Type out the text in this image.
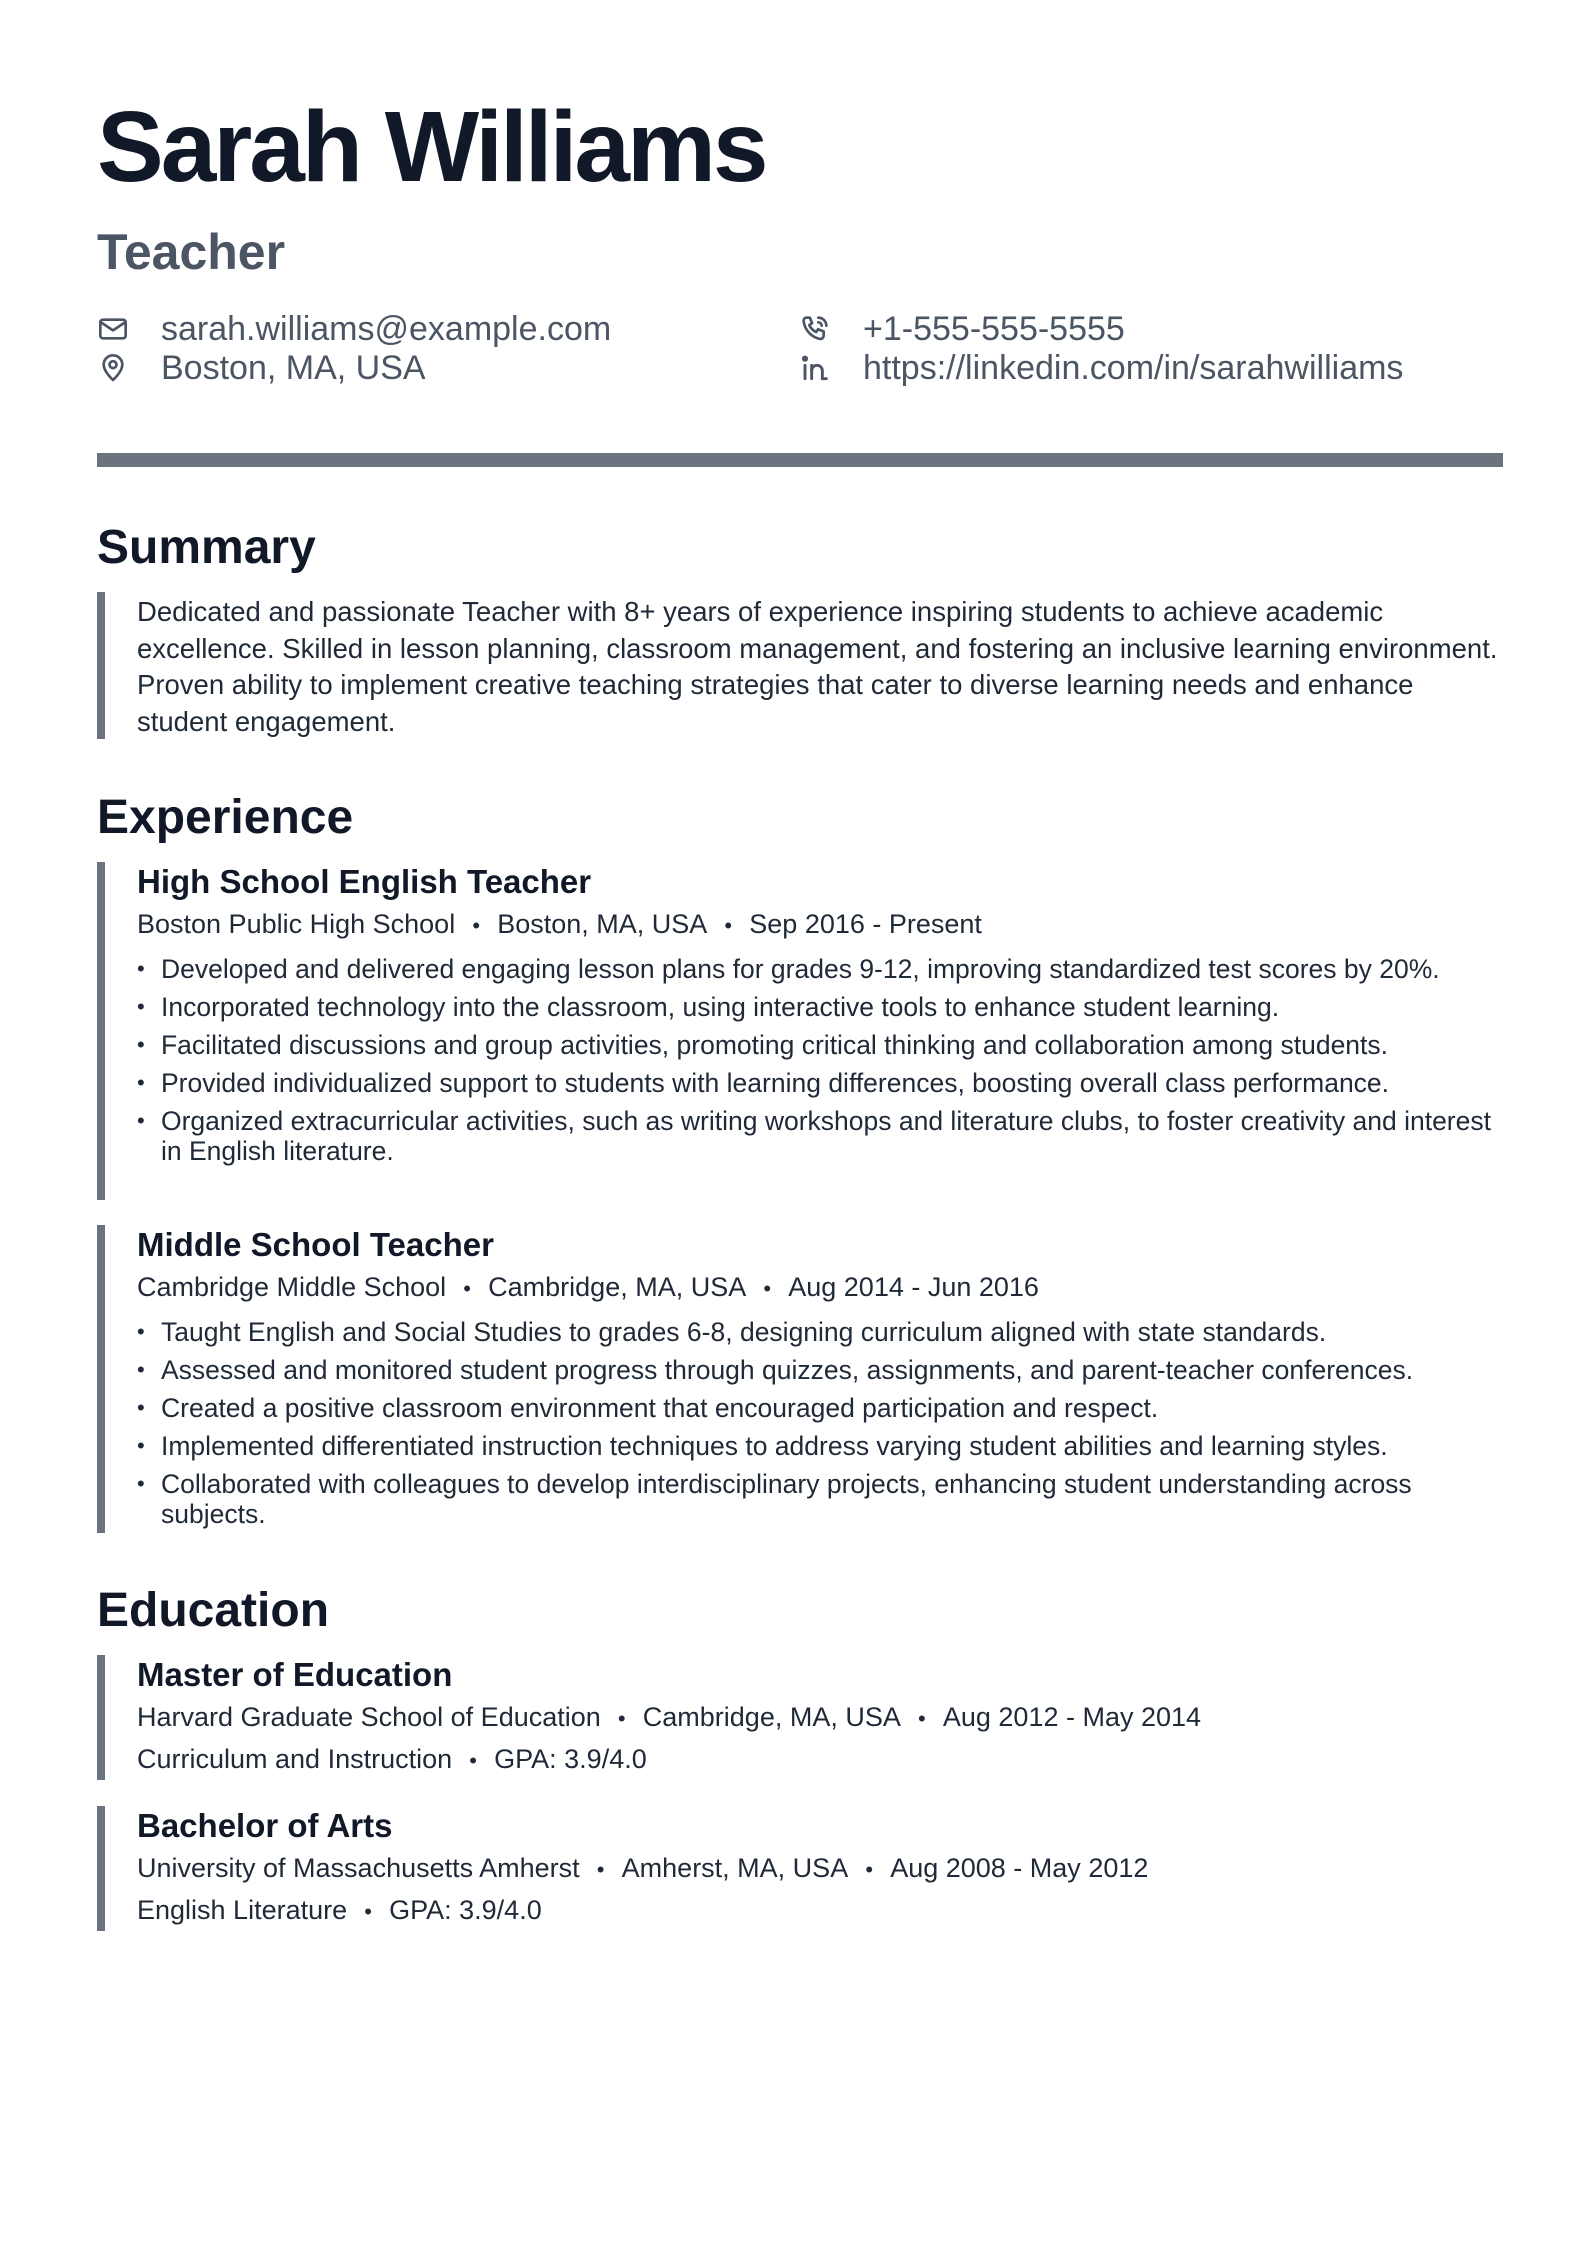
Sarah Williams
Teacher
sarah.williams@example.com
Boston, MA, USA
+1-555-555-5555
https://linkedin.com/in/sarahwilliams
Summary

Dedicated and passionate Teacher with 8+ years of experience inspiring students to achieve academic excellence. Skilled in lesson planning, classroom management, and fostering an inclusive learning environment. Proven ability to implement creative teaching strategies that cater to diverse learning needs and enhance student engagement.

Experience

High School English Teacher

Boston Public High School • Boston, MA, USA • Sep 2016 - Present

• Developed and delivered engaging lesson plans for grades 9-12, improving standardized test scores by 20%.
• Incorporated technology into the classroom, using interactive tools to enhance student learning.
• Facilitated discussions and group activities, promoting critical thinking and collaboration among students.
• Provided individualized support to students with learning differences, boosting overall class performance.
• Organized extracurricular activities, such as writing workshops and literature clubs, to foster creativity and interest in English literature.

Middle School Teacher

Cambridge Middle School • Cambridge, MA, USA • Aug 2014 - Jun 2016

• Taught English and Social Studies to grades 6-8, designing curriculum aligned with state standards.
• Assessed and monitored student progress through quizzes, assignments, and parent-teacher conferences.
• Created a positive classroom environment that encouraged participation and respect.
• Implemented differentiated instruction techniques to address varying student abilities and learning styles.
• Collaborated with colleagues to develop interdisciplinary projects, enhancing student understanding across subjects.
Education

Master of Education

Harvard Graduate School of Education • Cambridge, MA, USA • Aug 2012 - May 2014

Curriculum and Instruction • GPA: 3.9/4.0

Bachelor of Arts

University of Massachusetts Amherst • Amherst, MA, USA • Aug 2008 - May 2012

English Literature • GPA: 3.9/4.0
